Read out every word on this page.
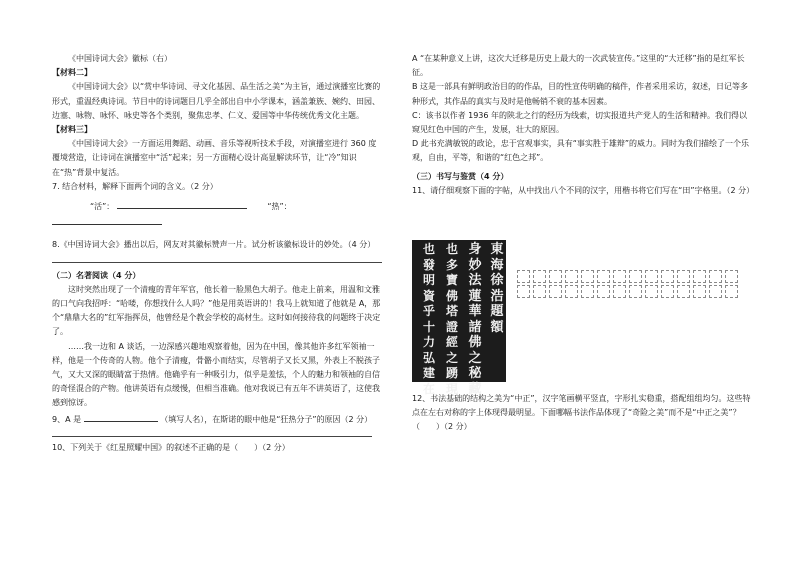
《中国诗词大会》徽标（右）

【材料二】

《中国诗词大会》以“赏中华诗词、寻文化基因、品生活之美”为主旨，通过演播室比赛的形式，重温经典诗词。节目中的诗词题目几乎全部出自中小学课本，涵盖兼族、婉约、田园、边塞、咏物、咏怀、咏史等各个类别，聚焦忠孝、仁义、爱国等中华传统优秀文化主题。

【材料三】

《中国诗词大会》一方面运用舞蹈、动画、音乐等视听技术手段，对演播室进行 360 度覆境营造，让诗词在演播室中“活”起来；另一方面精心设计高显解读环节，让“冷”知识在“热”背景中复活。

7. 结合材料，解释下面两个词的含义。（2 分）

“活”：	“热”：

8.《中国诗词大会》播出以后，网友对其徽标赞声一片。试分析该徽标设计的妙处。（4 分）

（二）名著阅读（4 分）

这时突然出现了一个清瘦的青年军官，他长着一脸黑色大胡子。他走上前来，用温和文雅的口气向我招呼：“哈喽，你想找什么人吗？”他是用英语讲的！我马上就知道了他就是 A，那个“鼎鼎大名的”红军指挥员，他曾经是个教会学校的高材生。这时如何接待我的问题终于决定了。

……我一边和 A 谈话，一边深感兴趣地观察着他，因为在中国，像其他许多红军领袖一样，他是一个传奇的人物。他个子清瘦，骨骼小而结实，尽管胡子又长又黑，外表上不脱孩子气，又大又深的眼睛富于热情。他确乎有一种吸引力，似乎是羞怯，个人的魅力和领袖的自信的奇怪混合的产物。他讲英语有点缓慢，但相当准确。他对我说已有五年不讲英语了，这使我感到惊讶。

9、A 是	（填写人名），在斯诺的眼中他是“狂热分子”的原因（2 分）

10、下列关于《红星照耀中国》的叙述不正确的是（　　）（2 分）

A “在某种意义上讲，这次大迁移是历史上最大的一次武装宣传。”这里的“大迁移”指的是红军长征。

B 这是一部具有鲜明政治目的的作品，目的性宣传明确的稿件，作者采用采访，叙述，日记等多种形式，其作品的真实与及时是他畅销不衰的基本因素。

C：该书以作者 1936 年的陕北之行的经历为线索，切实报道共产党人的生活和精神。我们得以窥见红色中国的产生，发展，壮大的原因。

D 此书充满敏锐的政论，忠于宫观事实，具有“事实胜于雄辩”的威力。同时为我们描绘了一个乐观，自由，平等，和谐的“红色之邦”。

（三）书写与鉴赏（4 分）

11、请仔细观察下面的字帖，从中找出八个不同的汉字，用楷书将它们写在“田”字格里。（2 分）

東海徐浩題額
身妙法蓮華諸佛之秘藏
也多寶佛塔證經之踴現
也發明資乎十力弘建在

12、书法基础的结构之美为“中正”，汉字笔画横平竖直，字形扎实稳重，搭配组组均匀。这些特点在左右对称的字上体现得最明显。下面哪幅书法作品体现了“奇险之美”而不是“中正之美”？（　　）（2 分）
